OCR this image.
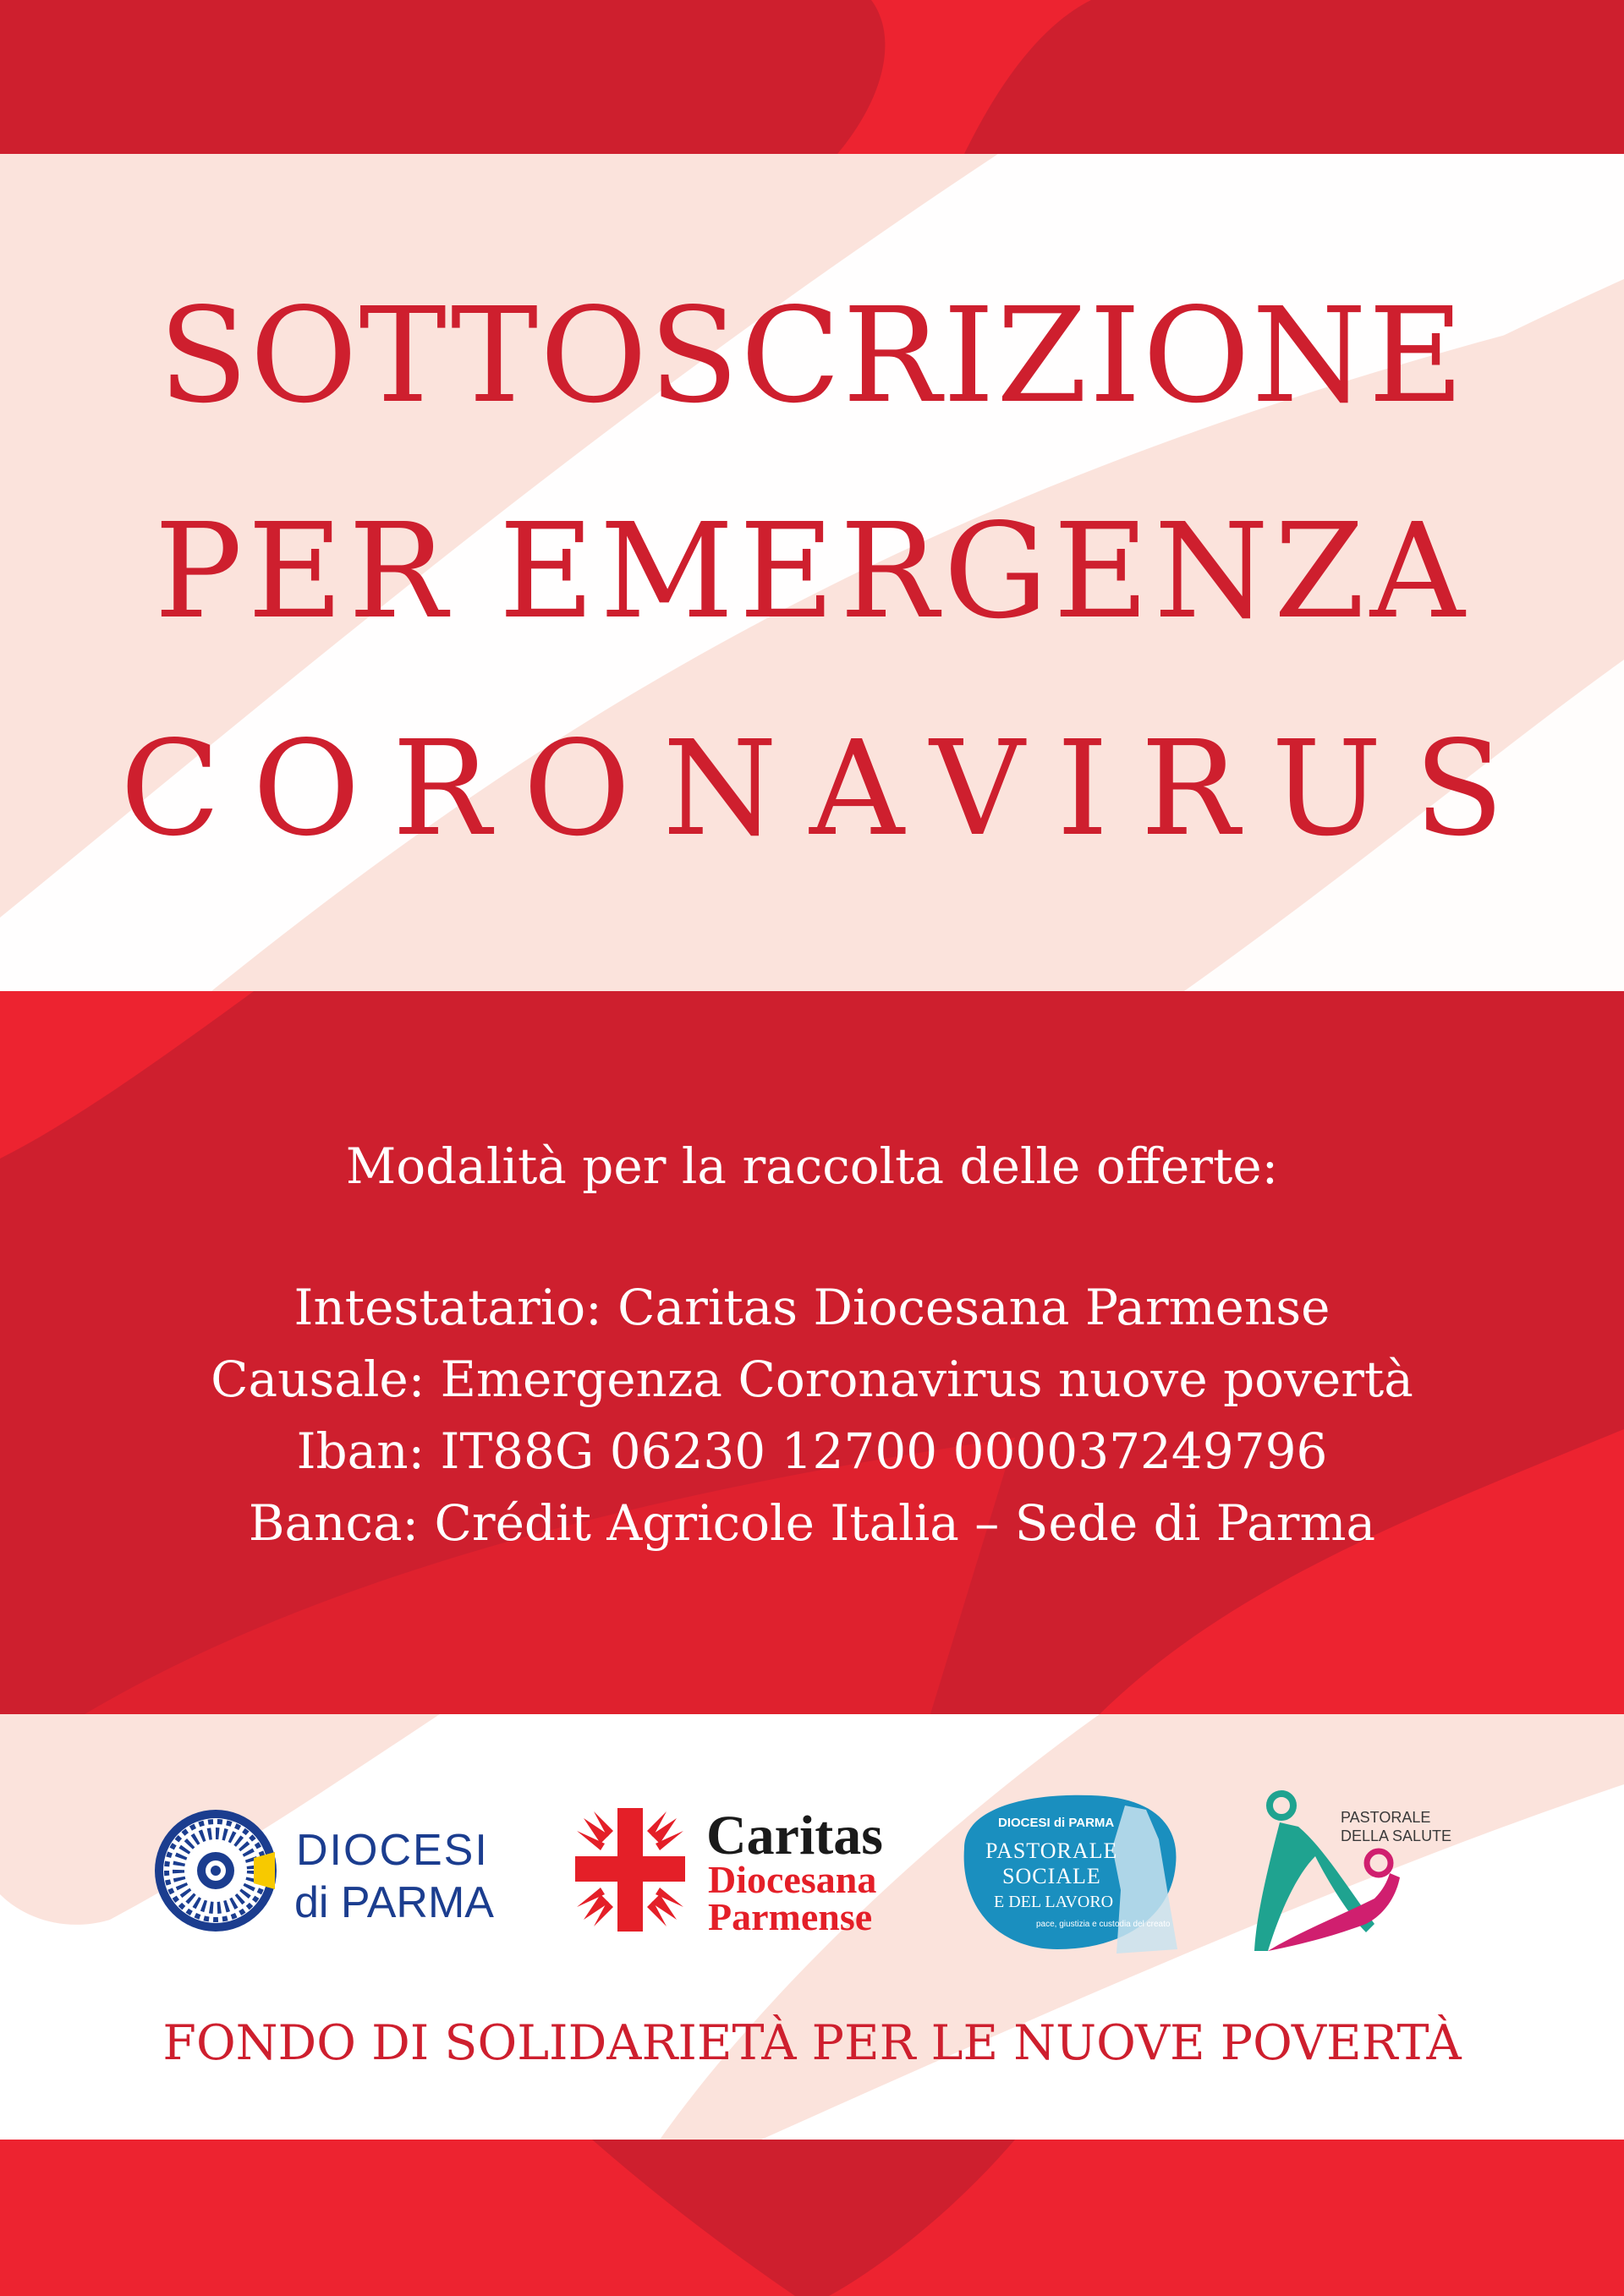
SOTTOSCRIZIONE
PER EMERGENZA
CORONAVIRUS
Modalità per la raccolta delle offerte:
Intestatario: Caritas Diocesana Parmense
Causale: Emergenza Coronavirus nuove povertà
Iban: IT88G 06230 12700 000037249796
Banca: Crédit Agricole Italia – Sede di Parma
DIOCESI
di PARMA
Caritas
Diocesana
Parmense
DIOCESI di PARMA
PASTORALE
SOCIALE
E DEL LAVORO
pace, giustizia e custodia del creato
PASTORALE
DELLA SALUTE
FONDO DI SOLIDARIETÀ PER LE NUOVE POVERTÀ
